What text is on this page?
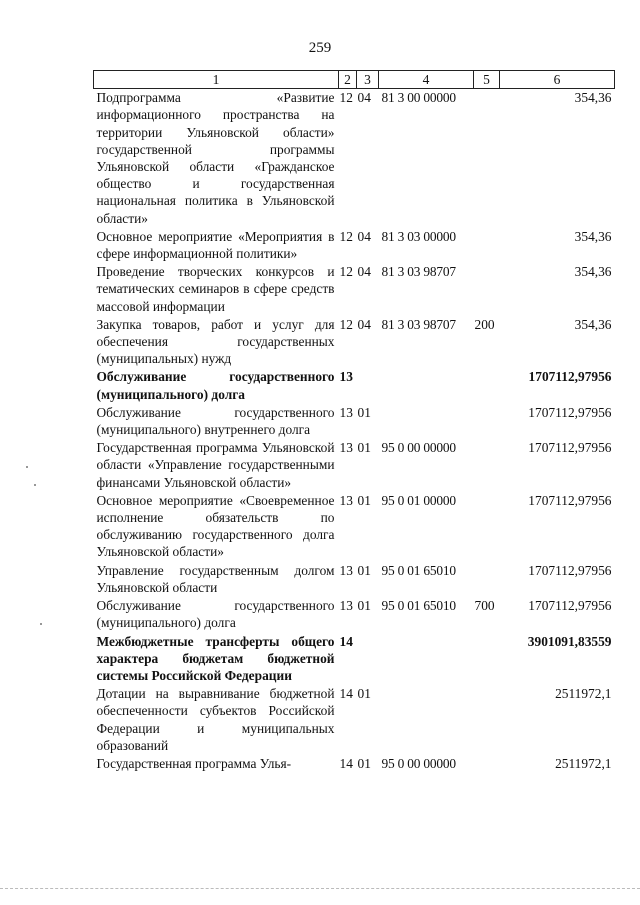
259
1	2	3	4	5	6
Подпрограмма «Развитие информационного пространства на территории Ульяновской области» государственной программы Ульяновской области «Гражданское общество и государственная национальная политика в Ульяновской области»	12	04	81 3 00 00000		354,36
Основное мероприятие «Мероприятия в сфере информационной политики»	12	04	81 3 03 00000		354,36
Проведение творческих конкурсов и тематических семинаров в сфере средств массовой информации	12	04	81 3 03 98707		354,36
Закупка товаров, работ и услуг для обеспечения государственных (муниципальных) нужд	12	04	81 3 03 98707	200	354,36
Обслуживание государственного (муниципального) долга	13				1707112,97956
Обслуживание государственного (муниципального) внутреннего долга	13	01			1707112,97956
Государственная программа Ульяновской области «Управление государственными финансами Ульяновской области»	13	01	95 0 00 00000		1707112,97956
Основное мероприятие «Своевременное исполнение обязательств по обслуживанию государственного долга Ульяновской области»	13	01	95 0 01 00000		1707112,97956
Управление государственным долгом Ульяновской области	13	01	95 0 01 65010		1707112,97956
Обслуживание государственного (муниципального) долга	13	01	95 0 01 65010	700	1707112,97956
Межбюджетные трансферты общего характера бюджетам бюджетной системы Российской Федерации	14				3901091,83559
Дотации на выравнивание бюджетной обеспеченности субъектов Российской Федерации и муниципальных образований	14	01			2511972,1
Государственная программа Улья-	14	01	95 0 00 00000		2511972,1
